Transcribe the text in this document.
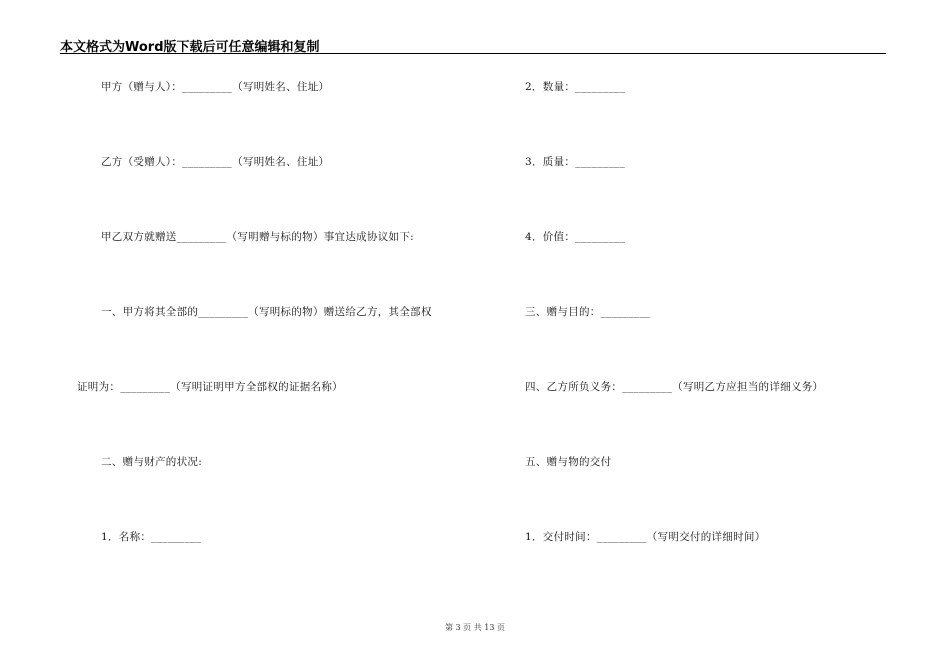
本文格式为Word版下载后可任意编辑和复制
甲方（赠与人）：_________（写明姓名、住址）
乙方（受赠人）：_________（写明姓名、住址）
甲乙双方就赠送_________（写明赠与标的物）事宜达成协议如下:
一、甲方将其全部的_________（写明标的物）赠送给乙方，其全部权
证明为：_________（写明证明甲方全部权的证据名称）
二、赠与财产的状况:
1．名称：_________
2．数量：_________
3．质量：_________
4．价值：_________
三、赠与目的：_________
四、乙方所负义务：_________（写明乙方应担当的详细义务）
五、赠与物的交付
1．交付时间：_________（写明交付的详细时间）
第 3 页 共 13 页
